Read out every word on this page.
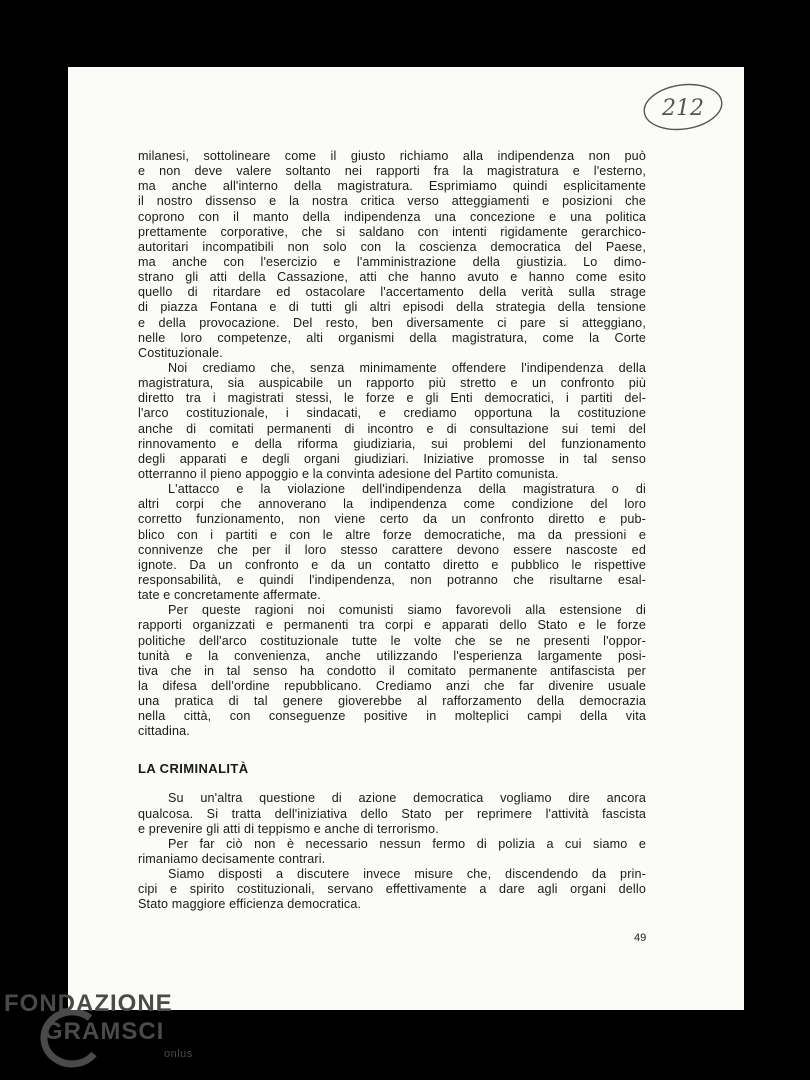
212
milanesi, sottolineare come il giusto richiamo alla indipendenza non può
e non deve valere soltanto nei rapporti fra la magistratura e l'esterno,
ma anche all'interno della magistratura. Esprimiamo quindi esplicitamente
il nostro dissenso e la nostra critica verso atteggiamenti e posizioni che
coprono con il manto della indipendenza una concezione e una politica
prettamente corporative, che si saldano con intenti rigidamente gerarchico-
autoritari incompatibili non solo con la coscienza democratica del Paese,
ma anche con l'esercizio e l'amministrazione della giustizia. Lo dimo-
strano gli atti della Cassazione, atti che hanno avuto e hanno come esito
quello di ritardare ed ostacolare l'accertamento della verità sulla strage
di piazza Fontana e di tutti gli altri episodi della strategia della tensione
e della provocazione. Del resto, ben diversamente ci pare si atteggiano,
nelle loro competenze, alti organismi della magistratura, come la Corte
Costituzionale.
Noi crediamo che, senza minimamente offendere l'indipendenza della
magistratura, sia auspicabile un rapporto più stretto e un confronto più
diretto tra i magistrati stessi, le forze e gli Enti democratici, i partiti del-
l'arco costituzionale, i sindacati, e crediamo opportuna la costituzione
anche di comitati permanenti di incontro e di consultazione sui temi del
rinnovamento e della riforma giudiziaria, sui problemi del funzionamento
degli apparati e degli organi giudiziari. Iniziative promosse in tal senso
otterranno il pieno appoggio e la convinta adesione del Partito comunista.
L'attacco e la violazione dell'indipendenza della magistratura o di
altri corpi che annoverano la indipendenza come condizione del loro
corretto funzionamento, non viene certo da un confronto diretto e pub-
blico con i partiti e con le altre forze democratiche, ma da pressioni e
connivenze che per il loro stesso carattere devono essere nascoste ed
ignote. Da un confronto e da un contatto diretto e pubblico le rispettive
responsabilità, e quindi l'indipendenza, non potranno che risultarne esal-
tate e concretamente affermate.
Per queste ragioni noi comunisti siamo favorevoli alla estensione di
rapporti organizzati e permanenti tra corpi e apparati dello Stato e le forze
politiche dell'arco costituzionale tutte le volte che se ne presenti l'oppor-
tunità e la convenienza, anche utilizzando l'esperienza largamente posi-
tiva che in tal senso ha condotto il comitato permanente antifascista per
la difesa dell'ordine repubblicano. Crediamo anzi che far divenire usuale
una pratica di tal genere gioverebbe al rafforzamento della democrazia
nella città, con conseguenze positive in molteplici campi della vita
cittadina.
LA CRIMINALITÀ
Su un'altra questione di azione democratica vogliamo dire ancora
qualcosa. Si tratta dell'iniziativa dello Stato per reprimere l'attività fascista
e prevenire gli atti di teppismo e anche di terrorismo.
Per far ciò non è necessario nessun fermo di polizia a cui siamo e
rimaniamo decisamente contrari.
Siamo disposti a discutere invece misure che, discendendo da prin-
cipi e spirito costituzionali, servano effettivamente a dare agli organi dello
Stato maggiore efficienza democratica.
49
FONDAZIONE
GRAMSCI
onlus
